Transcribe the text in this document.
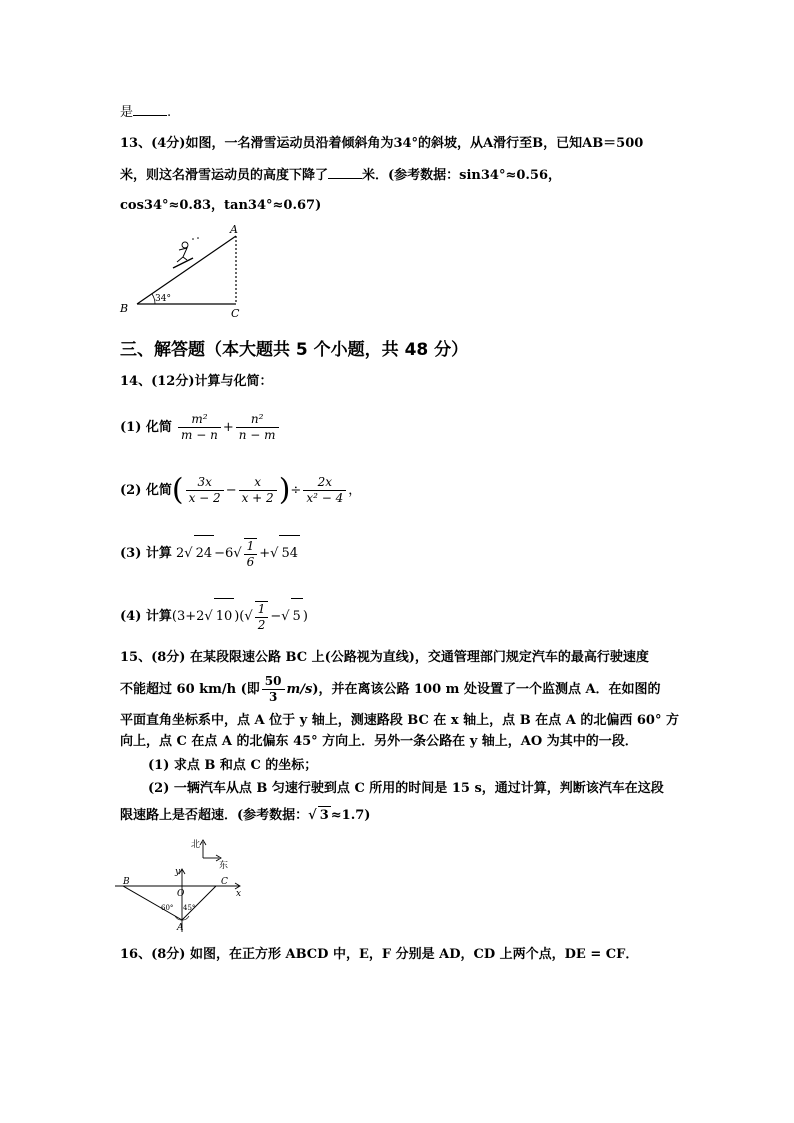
是	.
13、(4分)如图，一名滑雪运动员沿着倾斜角为34°的斜坡，从A滑行至B，已知AB＝500
米，则这名滑雪运动员的高度下降了	米．(参考数据：sin34°≈0.56，
cos34°≈0.83，tan34°≈0.67)
A
B	C
34°
三、解答题（本大题共 5 个小题，共 48 分）
14、(12分)计算与化简：
(1) 化简 $\frac{\text{m²}}{m - n} + \frac{\text{n²}}{n - m}$
(2) 化简( $\frac{3x}{x - 2} - \frac{x}{x + 2}$ )÷ $\frac{2x}{\text{x² − 4}}$ ，
(3) 计算 2√ $24 -6√ \frac{1}{6}$ +√ 54
(4) 计算(3+2√ 10 )(√ $\frac{1}{2}$ −√ 5 )
15、(8分) 在某段限速公路 BC 上(公路视为直线)，交通管理部门规定汽车的最高行驶速度
不能超过 60 km/h (即 $\frac{50}{3} m/s$)，并在离该公路 100 m 处设置了一个监测点 A．在如图的
平面直角坐标系中，点 A 位于 y 轴上，测速路段 BC 在 x 轴上，点 B 在点 A 的北偏西 60° 方
向上，点 C 在点 A 的北偏东 45° 方向上．另外一条公路在 y 轴上，AO 为其中的一段．
(1) 求点 B 和点 C 的坐标；
(2) 一辆汽车从点 B 匀速行驶到点 C 所用的时间是 15 s，通过计算，判断该汽车在这段
限速路上是否超速．(参考数据：√ 3 ≈1.7)
北
东
B	C
O
A
x
y
60° 45°
16、(8分) 如图，在正方形 ABCD 中，E，F 分别是 AD，CD 上两个点，DE = CF．
